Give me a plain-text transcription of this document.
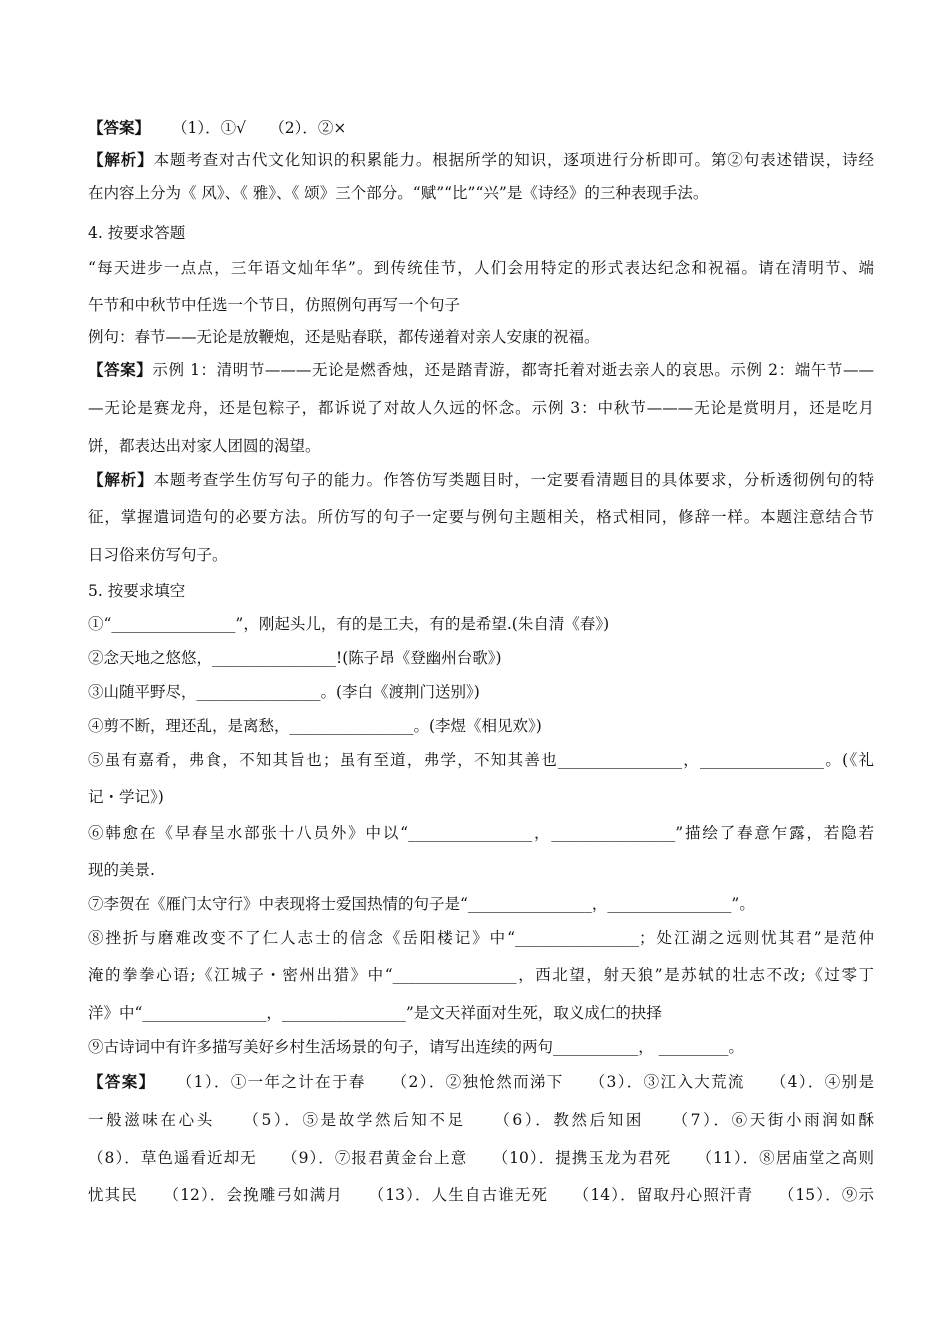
【答案】 （1）．①√　　（2）．②×
【解析】本题考查对古代文化知识的积累能力。根据所学的知识，逐项进行分析即可。第②句表述错误，诗经
在内容上分为《 风》、《 雅》、《 颂》三个部分。“赋”“比”“兴”是《诗经》的三种表现手法。
4. 按要求答题
“每天进步一点点，三年语文灿年华”。到传统佳节，人们会用特定的形式表达纪念和祝福。请在清明节、端
午节和中秋节中任选一个节日，仿照例句再写一个句子
例句：春节——无论是放鞭炮，还是贴春联，都传递着对亲人安康的祝福。
【答案】示例 1：清明节———无论是燃香烛，还是踏青游，都寄托着对逝去亲人的哀思。示例 2：端午节——
—无论是赛龙舟，还是包粽子，都诉说了对故人久远的怀念。示例 3：中秋节———无论是赏明月，还是吃月
饼，都表达出对家人团圆的渴望。
【解析】本题考查学生仿写句子的能力。作答仿写类题目时，一定要看清题目的具体要求，分析透彻例句的特
征，掌握遣词造句的必要方法。所仿写的句子一定要与例句主题相关，格式相同，修辞一样。本题注意结合节
日习俗来仿写句子。
5. 按要求填空
①“________________”，刚起头儿，有的是工夫，有的是希望.(朱自清《春》)
②念天地之悠悠，________________!(陈子昂《登幽州台歌》)
③山随平野尽，________________。(李白《渡荆门送别》)
④剪不断，理还乱，是离愁，________________。(李煜《相见欢》)
⑤虽有嘉肴，弗食，不知其旨也；虽有至道，弗学，不知其善也________________，________________。(《礼
记・学记》)
⑥韩愈在《早春呈水部张十八员外》中以“________________，________________”描绘了春意乍露，若隐若
现的美景.
⑦李贺在《雁门太守行》中表现将士爱国热情的句子是“________________，________________”。
⑧挫折与磨难改变不了仁人志士的信念《岳阳楼记》中“________________；处江湖之远则忧其君”是范仲
淹的拳拳心语;《江城子・密州出猎》中“________________，西北望，射天狼”是苏轼的壮志不改;《过零丁
洋》中“________________，________________”是文天祥面对生死，取义成仁的抉择
⑨古诗词中有许多描写美好乡村生活场景的句子，请写出连续的两句___________， _________。
【答案】 （1）．①一年之计在于春　　（2）．②独怆然而涕下　　（3）．③江入大荒流　　（4）．④别是
一般滋味在心头　　（5）．⑤是故学然后知不足　　（6）．教然后知困　　（7）．⑥天街小雨润如酥
（8）．草色遥看近却无　　（9）．⑦报君黄金台上意　　（10）．提携玉龙为君死　　（11）．⑧居庙堂之高则
忧其民　　（12）．会挽雕弓如满月　　（13）．人生自古谁无死　　（14）．留取丹心照汗青　　（15）．⑨示
